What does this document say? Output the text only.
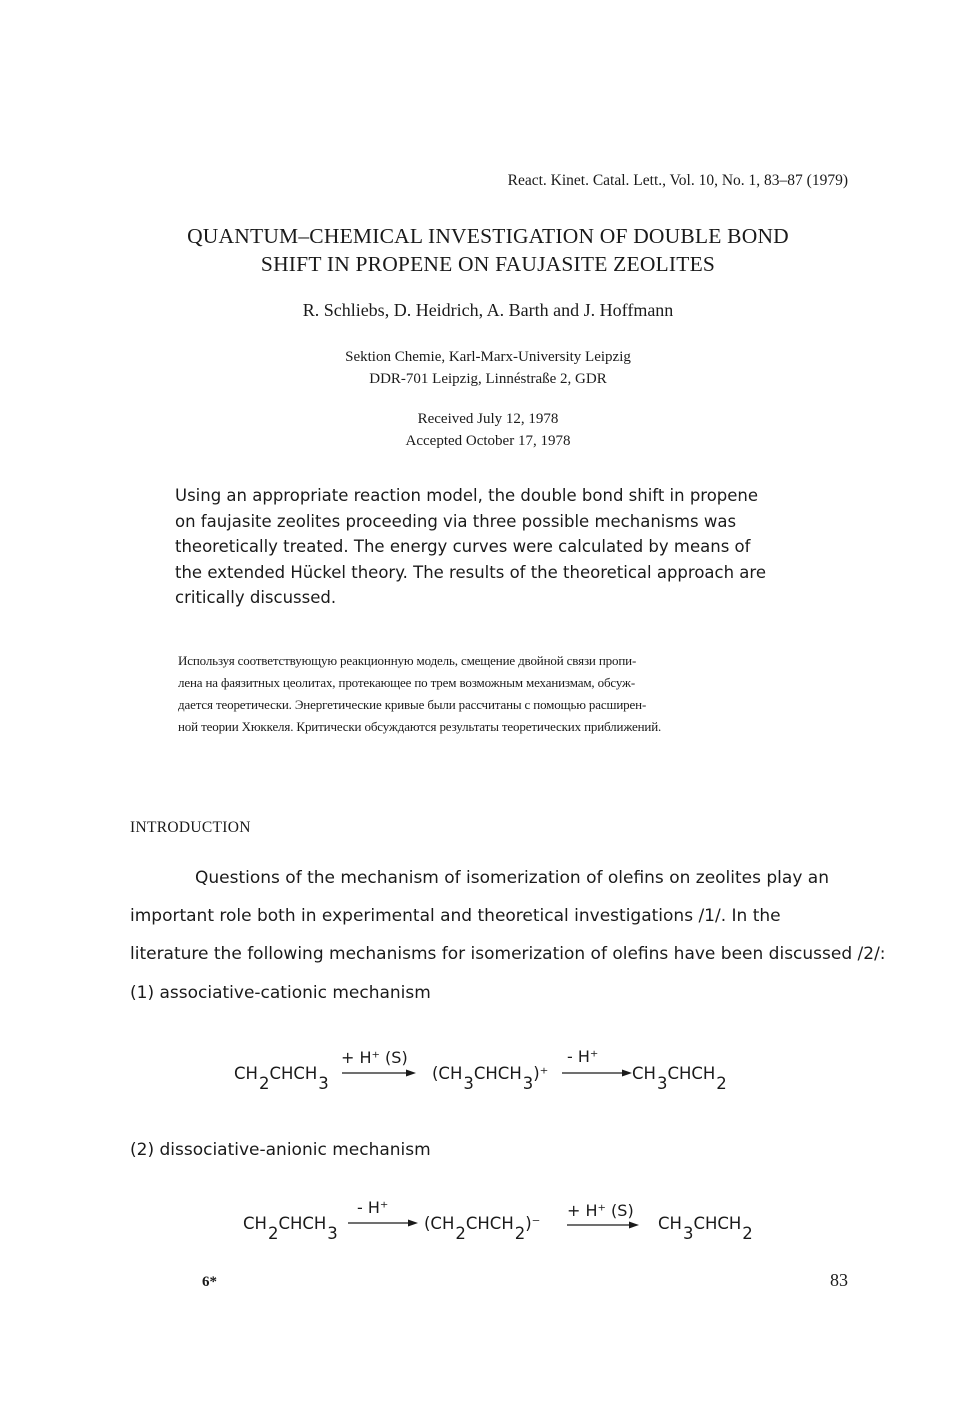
React. Kinet. Catal. Lett., Vol. 10, No. 1, 83–87 (1979)
QUANTUM–CHEMICAL INVESTIGATION OF DOUBLE BOND
SHIFT IN PROPENE ON FAUJASITE ZEOLITES
R. Schliebs, D. Heidrich, A. Barth and J. Hoffmann
Sektion Chemie, Karl-Marx-University Leipzig
DDR-701 Leipzig, Linnéstraße 2, GDR
Received July 12, 1978
Accepted October 17, 1978
Using an appropriate reaction model, the double bond shift in propene
on faujasite zeolites proceeding via three possible mechanisms was
theoretically treated. The energy curves were calculated by means of
the extended Hückel theory. The results of the theoretical approach are
critically discussed.
Используя соответствующую реакционную модель, смещение двойной связи пропи-
лена на фаязитных цеолитах, протекающее по трем возможным механизмам, обсуж-
дается теоретически. Энергетические кривые были рассчитаны с помощью расширен-
ной теории Хюккеля. Критически обсуждаются результаты теоретических приближений.
INTRODUCTION
Questions of the mechanism of isomerization of olefins on zeolites play an
important role both in experimental and theoretical investigations /1/. In the
literature the following mechanisms for isomerization of olefins have been discussed /2/:
(1) associative-cationic mechanism
CH2CHCH3
+ H⁺ (S)
(CH3CHCH3)⁺
- H⁺
CH3CHCH2
(2) dissociative-anionic mechanism
CH2CHCH3
- H⁺
(CH2CHCH2)⁻
+ H⁺ (S)
CH3CHCH2
6*	83
